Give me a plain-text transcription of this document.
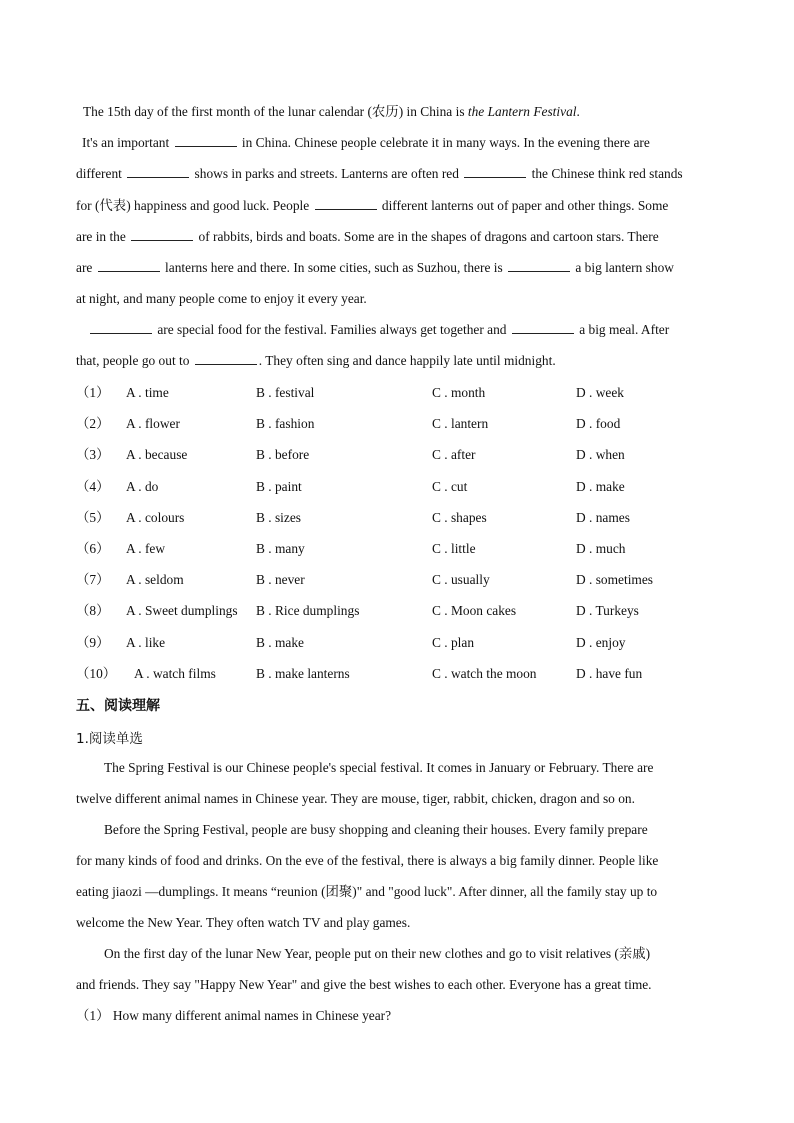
The 15th day of the first month of the lunar calendar (农历) in China is the Lantern Festival.
It's an important	in China. Chinese people celebrate it in many ways. In the evening there are
different	shows in parks and streets. Lanterns are often red	the Chinese think red stands
for (代表) happiness and good luck. People	different lanterns out of paper and other things. Some
are in the	of rabbits, birds and boats. Some are in the shapes of dragons and cartoon stars. There
are	lanterns here and there. In some cities, such as Suzhou, there is	a big lantern show
at night, and many people come to enjoy it every year.
are special food for the festival. Families always get together and	a big meal. After
that, people go out to	. They often sing and dance happily late until midnight.
（1） A . time	B . festival	C . month	D . week
（2） A . flower	B . fashion	C . lantern	D . food
（3） A . because	B . before	C . after	D . when
（4） A . do	B . paint	C . cut	D . make
（5） A . colours	B . sizes	C . shapes	D . names
（6） A . few	B . many	C . little	D . much
（7） A . seldom	B . never	C . usually	D . sometimes
（8） A . Sweet dumplings B . Rice dumplings	C . Moon cakes	D . Turkeys
（9） A . like	B . make	C . plan	D . enjoy
（10） A . watch films	B . make lanterns	C . watch the moon	D . have fun
五、阅读理解
1.阅读单选
The Spring Festival is our Chinese people's special festival. It comes in January or February. There are
twelve different animal names in Chinese year. They are mouse, tiger, rabbit, chicken, dragon and so on.
Before the Spring Festival, people are busy shopping and cleaning their houses. Every family prepare
for many kinds of food and drinks. On the eve of the festival, there is always a big family dinner. People like
eating jiaozi —dumplings. It means “reunion (团聚)" and "good luck". After dinner, all the family stay up to
welcome the New Year. They often watch TV and play games.
On the first day of the lunar New Year, people put on their new clothes and go to visit relatives (亲戚)
and friends. They say "Happy New Year" and give the best wishes to each other. Everyone has a great time.
（1） How many different animal names in Chinese year?
